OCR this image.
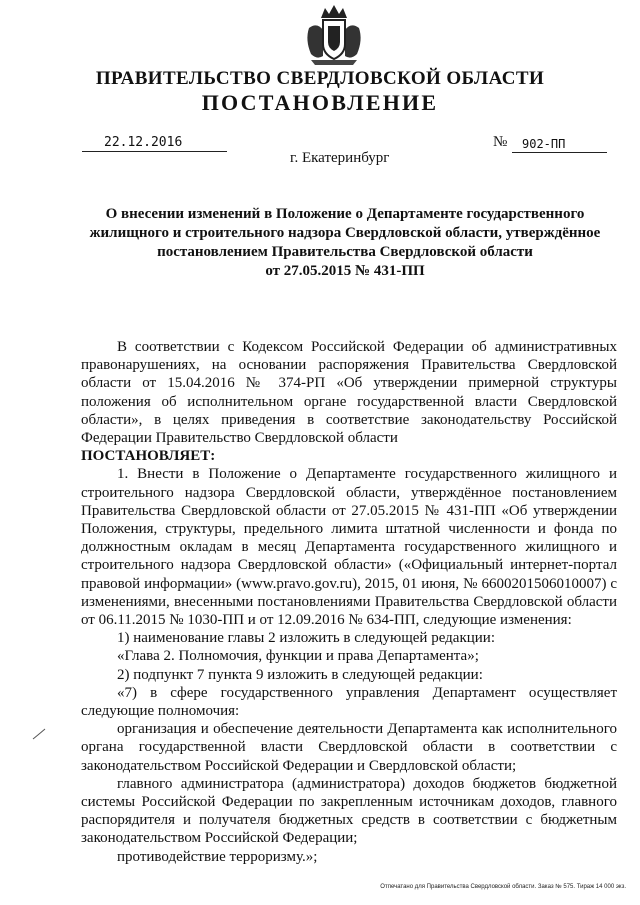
ПРАВИТЕЛЬСТВО СВЕРДЛОВСКОЙ ОБЛАСТИ
ПОСТАНОВЛЕНИЕ
22.12.2016	№	902-ПП
г. Екатеринбург
О внесении изменений в Положение о Департаменте государственного
жилищного и строительного надзора Свердловской области, утверждённое
постановлением Правительства Свердловской области
от 27.05.2015 № 431-ПП

В соответствии с Кодексом Российской Федерации об административных правонарушениях, на основании распоряжения Правительства Свердловской области от 15.04.2016 № 374-РП «Об утверждении примерной структуры положения об исполнительном органе государственной власти Свердловской области», в целях приведения в соответствие законодательству Российской Федерации Правительство Свердловской области

ПОСТАНОВЛЯЕТ:

1. Внести в Положение о Департаменте государственного жилищного и строительного надзора Свердловской области, утверждённое постановлением Правительства Свердловской области от 27.05.2015 № 431-ПП «Об утверждении Положения, структуры, предельного лимита штатной численности и фонда по должностным окладам в месяц Департамента государственного жилищного и строительного надзора Свердловской области» («Официальный интернет-портал правовой информации» (www.pravo.gov.ru), 2015, 01 июня, № 6600201506010007) с изменениями, внесенными постановлениями Правительства Свердловской области от 06.11.2015 № 1030-ПП и от 12.09.2016 № 634-ПП, следующие изменения:

1) наименование главы 2 изложить в следующей редакции:

«Глава 2. Полномочия, функции и права Департамента»;

2) подпункт 7 пункта 9 изложить в следующей редакции:

«7) в сфере государственного управления Департамент осуществляет следующие полномочия:

организация и обеспечение деятельности Департамента как исполнительного органа государственной власти Свердловской области в соответствии с законодательством Российской Федерации и Свердловской области;

главного администратора (администратора) доходов бюджетов бюджетной системы Российской Федерации по закрепленным источникам доходов, главного распорядителя и получателя бюджетных средств в соответствии с бюджетным законодательством Российской Федерации;

противодействие терроризму.»;

Отпечатано для Правительства Свердловской области. Заказ № 575. Тираж 14 000 экз.
